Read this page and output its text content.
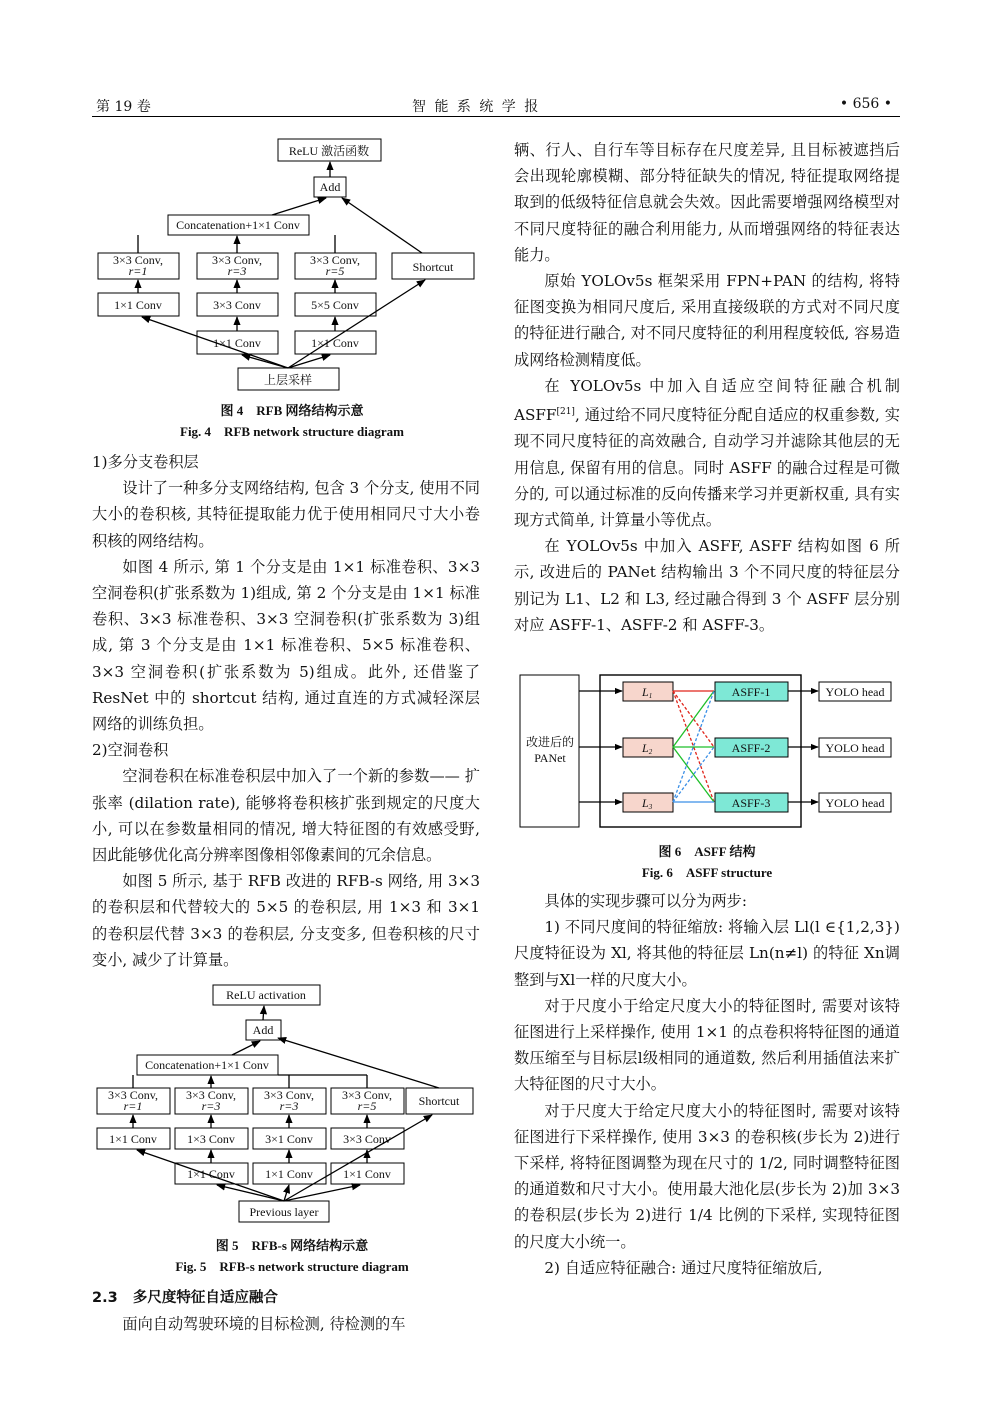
第 19 卷	智 能 系 统 学 报	• 656 •
ReLU 激活函数
Add
Concatenation+1×1 Conv
3×3 Conv, r=1
3×3 Conv, r=3
3×3 Conv, r=5	Shortcut
1×1 Conv	3×3 Conv	5×5 Conv
1×1 Conv	1×1 Conv
上层采样
图 4　RFB 网络结构示意
Fig. 4　RFB network structure diagram

1)多分支卷积层

设计了一种多分支网络结构, 包含 3 个分支, 使用不同大小的卷积核, 其特征提取能力优于使用相同尺寸大小卷积核的网络结构。

如图 4 所示, 第 1 个分支是由 1×1 标准卷积、3×3 空洞卷积(扩张系数为 1)组成, 第 2 个分支是由 1×1 标准卷积、3×3 标准卷积、3×3 空洞卷积(扩张系数为 3)组成, 第 3 个分支是由 1×1 标准卷积、5×5 标准卷积、3×3 空洞卷积(扩张系数为 5)组成。此外, 还借鉴了 ResNet 中的 shortcut 结构, 通过直连的方式减轻深层网络的训练负担。

2)空洞卷积

空洞卷积在标准卷积层中加入了一个新的参数—— 扩张率 (dilation rate), 能够将卷积核扩张到规定的尺度大小, 可以在参数量相同的情况, 增大特征图的有效感受野, 因此能够优化高分辨率图像相邻像素间的冗余信息。

如图 5 所示, 基于 RFB 改进的 RFB-s 网络, 用 3×3 的卷积层和代替较大的 5×5 的卷积层, 用 1×3 和 3×1 的卷积层代替 3×3 的卷积层, 分支变多, 但卷积核的尺寸变小, 减少了计算量。

ReLU activation
Add
Concatenation+1×1 Conv
3×3 Conv, r=1
3×3 Conv, r=3
3×3 Conv, r=3
3×3 Conv, r=5	Shortcut
1×1 Conv	1×3 Conv	3×1 Conv	3×3 Conv
1×1 Conv	1×1 Conv	1×1 Conv
Previous layer
图 5　RFB-s 网络结构示意
Fig. 5　RFB-s network structure diagram

2.3　 多尺度特征自适应融合

面向自动驾驶环境的目标检测, 待检测的车

辆、行人、自行车等目标存在尺度差异, 且目标被遮挡后会出现轮廓模糊、部分特征缺失的情况, 特征提取网络提取到的低级特征信息就会失效。因此需要增强网络模型对不同尺度特征的融合利用能力, 从而增强网络的特征表达能力。

原始 YOLOv5s 框架采用 FPN+PAN 的结构, 将特征图变换为相同尺度后, 采用直接级联的方式对不同尺度的特征进行融合, 对不同尺度特征的利用程度较低, 容易造成网络检测精度低。

在 YOLOv5s 中加入自适应空间特征融合机制 ASFF[21], 通过给不同尺度特征分配自适应的权重参数, 实现不同尺度特征的高效融合, 自动学习并滤除其他层的无用信息, 保留有用的信息。同时 ASFF 的融合过程是可微分的, 可以通过标准的反向传播来学习并更新权重, 具有实现方式简单, 计算量小等优点。

在 YOLOv5s 中加入 ASFF, ASFF 结构如图 6 所示, 改进后的 PANet 结构输出 3 个不同尺度的特征层分别记为 L1、L2 和 L3, 经过融合得到 3 个 ASFF 层分别对应 ASFF-1、ASFF-2 和 ASFF-3。

改进后的 PANet
L1
L2
L3
ASFF-1
ASFF-2
ASFF-3
YOLO head
YOLO head
YOLO head
图 6　ASFF 结构
Fig. 6　ASFF structure

具体的实现步骤可以分为两步:

1) 不同尺度间的特征缩放: 将输入层 Ll(l ∈{1,2,3}) 尺度特征设为 Xl, 将其他的特征层 Ln(n≠l) 的特征 Xn调整到与Xl一样的尺度大小。

对于尺度小于给定尺度大小的特征图时, 需要对该特征图进行上采样操作, 使用 1×1 的点卷积将特征图的通道数压缩至与目标层l级相同的通道数, 然后利用插值法来扩大特征图的尺寸大小。

对于尺度大于给定尺度大小的特征图时, 需要对该特征图进行下采样操作, 使用 3×3 的卷积核(步长为 2)进行下采样, 将特征图调整为现在尺寸的 1/2, 同时调整特征图的通道数和尺寸大小。使用最大池化层(步长为 2)加 3×3 的卷积层(步长为 2)进行 1/4 比例的下采样, 实现特征图的尺度大小统一。

2) 自适应特征融合: 通过尺度特征缩放后,
